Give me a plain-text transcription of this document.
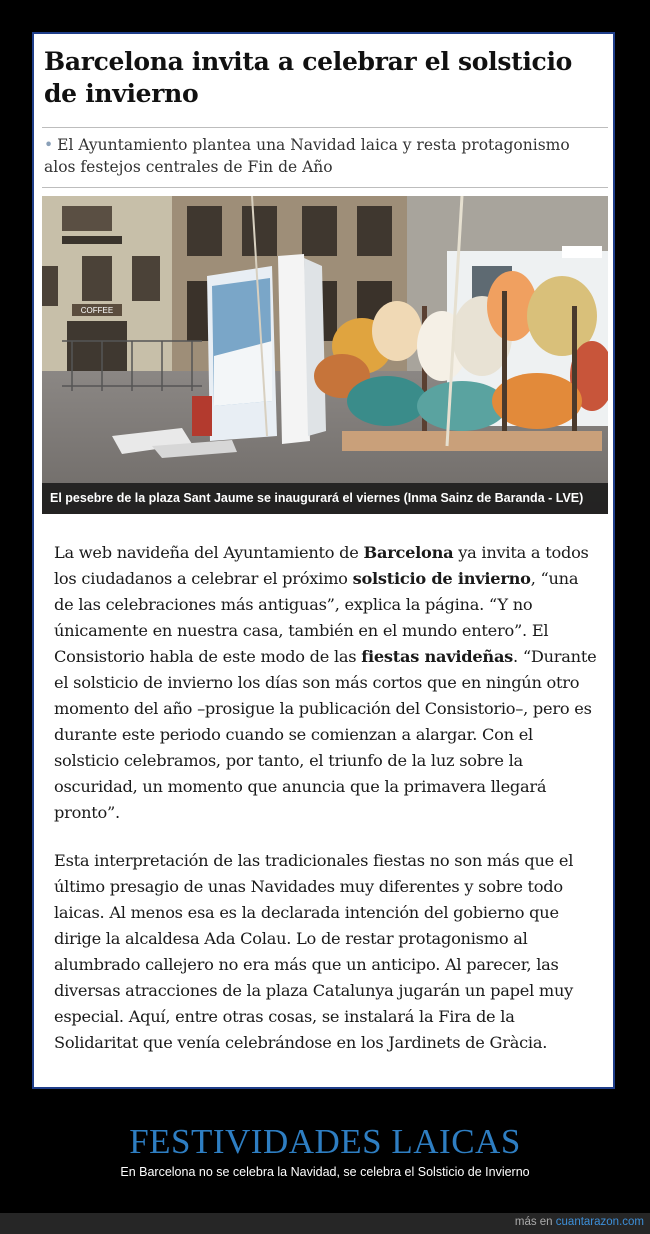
Barcelona invita a celebrar el solsticio de invierno
• El Ayuntamiento plantea una Navidad laica y resta protagonismo alos festejos centrales de Fin de Año
COFFEE
El pesebre de la plaza Sant Jaume se inaugurará el viernes (Inma Sainz de Baranda - LVE)

La web navideña del Ayuntamiento de Barcelona ya invita a todos los ciudadanos a celebrar el próximo solsticio de invierno, “una de las celebraciones más antiguas”, explica la página. “Y no únicamente en nuestra casa, también en el mundo entero”. El Consistorio habla de este modo de las fiestas navideñas. “Durante el solsticio de invierno los días son más cortos que en ningún otro momento del año –prosigue la publicación del Consistorio–, pero es durante este periodo cuando se comienzan a alargar. Con el solsticio celebramos, por tanto, el triunfo de la luz sobre la oscuridad, un momento que anuncia que la primavera llegará pronto”.

Esta interpretación de las tradicionales fiestas no son más que el último presagio de unas Navidades muy diferentes y sobre todo laicas. Al menos esa es la declarada intención del gobierno que dirige la alcaldesa Ada Colau. Lo de restar protagonismo al alumbrado callejero no era más que un anticipo. Al parecer, las diversas atracciones de la plaza Catalunya jugarán un papel muy especial. Aquí, entre otras cosas, se instalará la Fira de la Solidaritat que venía celebrándose en los Jardinets de Gràcia.

FESTIVIDADES LAICAS
En Barcelona no se celebra la Navidad, se celebra el Solsticio de Invierno
más en cuantarazon.com
